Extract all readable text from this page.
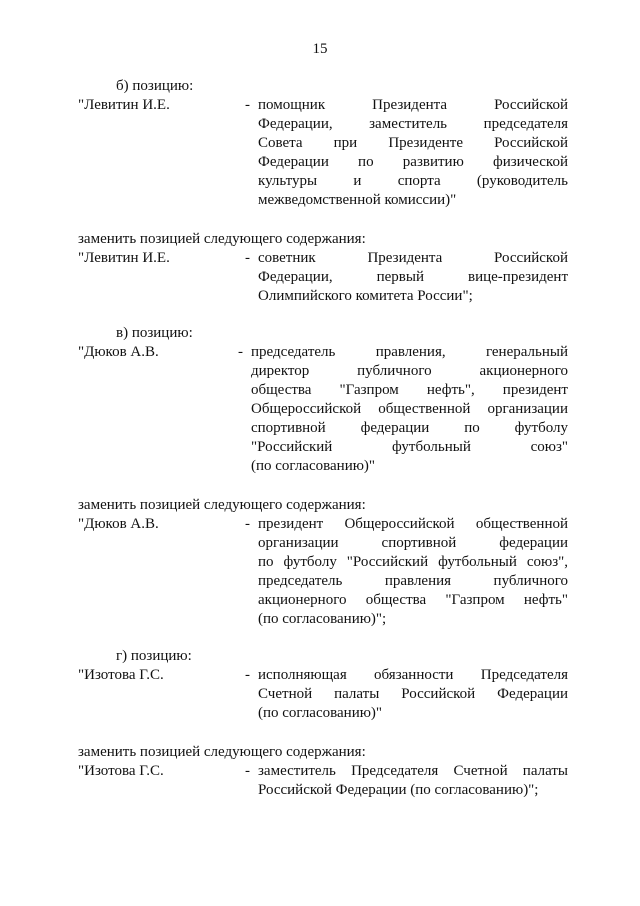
15
б) позицию:
"Левитин И.Е.	- помощник Президента Российской
Федерации, заместитель председателя
Совета при Президенте Российской
Федерации по развитию физической
культуры и спорта (руководитель
межведомственной комиссии)"
заменить позицией следующего содержания:
"Левитин И.Е.	- советник Президента Российской
Федерации, первый вице-президент
Олимпийского комитета России";
в) позицию:
"Дюков А.В.	- председатель правления, генеральный
директор публичного акционерного
общества "Газпром нефть", президент
Общероссийской общественной организации
спортивной федерации по футболу
"Российский футбольный союз"
(по согласованию)"
заменить позицией следующего содержания:
"Дюков А.В.	- президент Общероссийской общественной
организации спортивной федерации
по футболу "Российский футбольный союз",
председатель правления публичного
акционерного общества "Газпром нефть"
(по согласованию)";
г) позицию:
"Изотова Г.С.	- исполняющая обязанности Председателя
Счетной палаты Российской Федерации
(по согласованию)"
заменить позицией следующего содержания:
"Изотова Г.С.	- заместитель Председателя Счетной палаты
Российской Федерации (по согласованию)";
